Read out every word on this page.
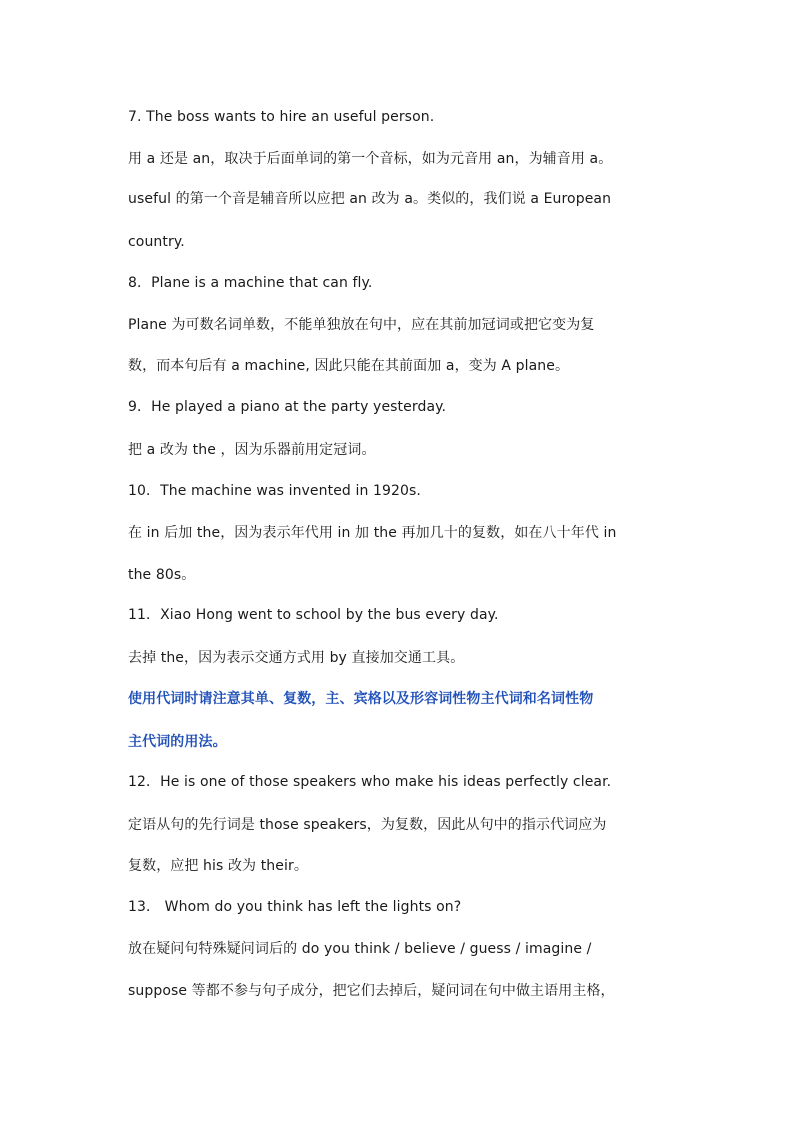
7. The boss wants to hire an useful person.
用 a 还是 an，取决于后面单词的第一个音标，如为元音用 an，为辅音用 a。
useful 的第一个音是辅音所以应把 an 改为 a。类似的，我们说 a European
country.
8．Plane is a machine that can fly.
Plane 为可数名词单数，不能单独放在句中，应在其前加冠词或把它变为复
数，而本句后有 a machine, 因此只能在其前面加 a，变为 A plane。
9．He played a piano at the party yesterday.
把 a 改为 the ，因为乐器前用定冠词。
10．The machine was invented in 1920s.
在 in 后加 the，因为表示年代用 in 加 the 再加几十的复数，如在八十年代 in
the 80s。
11．Xiao Hong went to school by the bus every day.
去掉 the，因为表示交通方式用 by 直接加交通工具。
使用代词时请注意其单、复数，主、宾格以及形容词性物主代词和名词性物
主代词的用法。
12．He is one of those speakers who make his ideas perfectly clear.
定语从句的先行词是 those speakers，为复数，因此从句中的指示代词应为
复数，应把 his 改为 their。
13． Whom do you think has left the lights on?
放在疑问句特殊疑问词后的 do you think / believe / guess / imagine /
suppose 等都不参与句子成分，把它们去掉后，疑问词在句中做主语用主格，
